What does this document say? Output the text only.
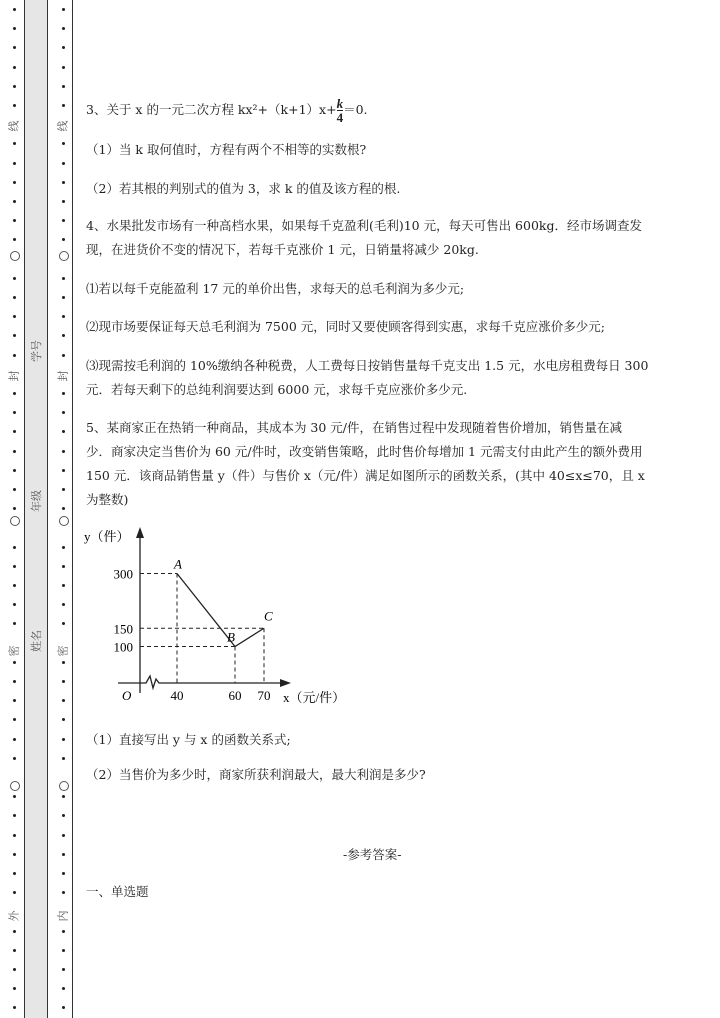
线
封
密
外
线
封
密
内
学号
年级
姓名
3、关于 x 的一元二次方程 $kx^2+(k+1)x+ \frac{k}{4} =0$.
（1）当 k 取何值时，方程有两个不相等的实数根?
（2）若其根的判别式的值为 3，求 k 的值及该方程的根.
4、水果批发市场有一种高档水果，如果每千克盈利(毛利)10 元，每天可售出 600kg．经市场调查发
现，在进货价不变的情况下，若每千克涨价 1 元，日销量将减少 20kg.
⑴若以每千克能盈利 17 元的单价出售，求每天的总毛利润为多少元;
⑵现市场要保证每天总毛利润为 7500 元，同时又要使顾客得到实惠，求每千克应涨价多少元;
⑶现需按毛利润的 10%缴纳各种税费，人工费每日按销售量每千克支出 1.5 元，水电房租费每日 300
元．若每天剩下的总纯利润要达到 6000 元，求每千克应涨价多少元.
5、某商家正在热销一种商品，其成本为 30 元/件，在销售过程中发现随着售价增加，销售量在减
少．商家决定当售价为 60 元/件时，改变销售策略，此时售价每增加 1 元需支付由此产生的额外费用
150 元．该商品销售量 y（件）与售价 x（元/件）满足如图所示的函数关系，(其中 40≤x≤70，且 x
为整数)
A
B
C
100
150
300
40	60 70
O
y（件）
x（元/件）
（1）直接写出 y 与 x 的函数关系式;
（2）当售价为多少时，商家所获利润最大，最大利润是多少?
-参考答案-
一、单选题
